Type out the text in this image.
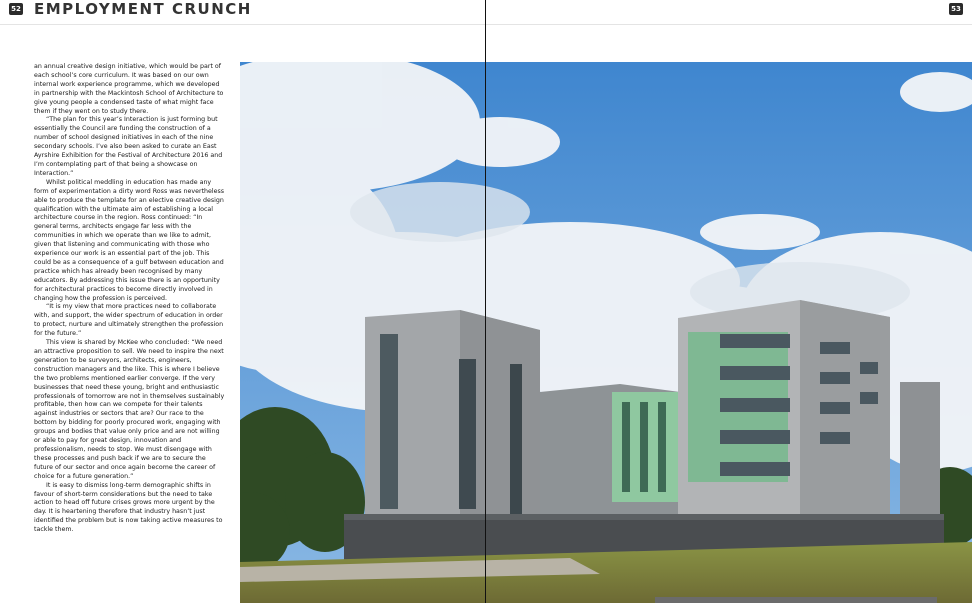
52 EMPLOYMENT CRUNCH	53

an annual creative design initiative, which would be part of each school’s core curriculum. It was based on our own internal work experience programme, which we developed in partnership with the Mackintosh School of Architecture to give young people a condensed taste of what might face them if they went on to study there.

“The plan for this year’s Interaction is just forming but essentially the Council are funding the construction of a number of school designed initiatives in each of the nine secondary schools. I’ve also been asked to curate an East Ayrshire Exhibition for the Festival of Architecture 2016 and I’m contemplating part of that being a showcase on Interaction.”

Whilst political meddling in education has made any form of experimentation a dirty word Ross was nevertheless able to produce the template for an elective creative design qualification with the ultimate aim of establishing a local architecture course in the region. Ross continued: “In general terms, architects engage far less with the communities in which we operate than we like to admit, given that listening and communicating with those who experience our work is an essential part of the job. This could be as a consequence of a gulf between education and practice which has already been recognised by many educators. By addressing this issue there is an opportunity for architectural practices to become directly involved in changing how the profession is perceived.

“It is my view that more practices need to collaborate with, and support, the wider spectrum of education in order to protect, nurture and ultimately strengthen the profession for the future.”

This view is shared by McKee who concluded: “We need an attractive proposition to sell. We need to inspire the next generation to be surveyors, architects, engineers, construction managers and the like. This is where I believe the two problems mentioned earlier converge. If the very businesses that need these young, bright and enthusiastic professionals of tomorrow are not in themselves sustainably profitable, then how can we compete for their talents against industries or sectors that are? Our race to the bottom by bidding for poorly procured work, engaging with groups and bodies that value only price and are not willing or able to pay for great design, innovation and professionalism, needs to stop. We must disengage with these processes and push back if we are to secure the future of our sector and once again become the career of choice for a future generation.”

It is easy to dismiss long-term demographic shifts in favour of short-term considerations but the need to take action to head off future crises grows more urgent by the day. It is heartening therefore that industry hasn’t just identified the problem but is now taking active measures to tackle them.
